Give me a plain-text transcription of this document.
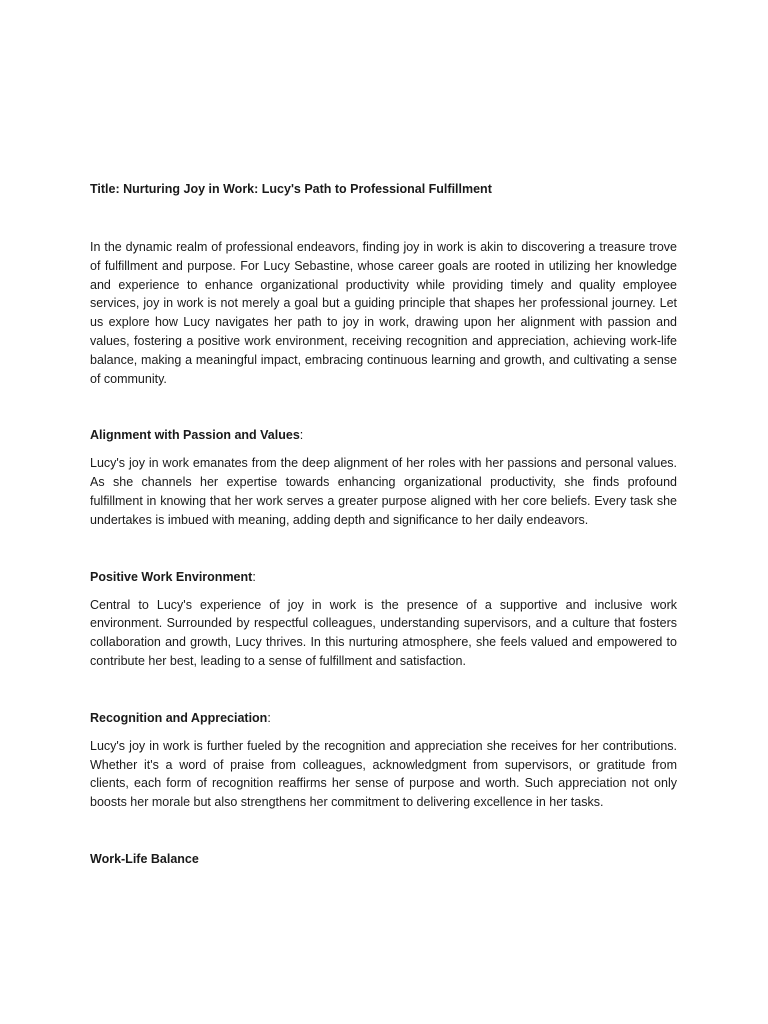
Title: Nurturing Joy in Work: Lucy's Path to Professional Fulfillment

In the dynamic realm of professional endeavors, finding joy in work is akin to discovering a treasure trove of fulfillment and purpose. For Lucy Sebastine, whose career goals are rooted in utilizing her knowledge and experience to enhance organizational productivity while providing timely and quality employee services, joy in work is not merely a goal but a guiding principle that shapes her professional journey. Let us explore how Lucy navigates her path to joy in work, drawing upon her alignment with passion and values, fostering a positive work environment, receiving recognition and appreciation, achieving work-life balance, making a meaningful impact, embracing continuous learning and growth, and cultivating a sense of community.

Alignment with Passion and Values:

Lucy's joy in work emanates from the deep alignment of her roles with her passions and personal values. As she channels her expertise towards enhancing organizational productivity, she finds profound fulfillment in knowing that her work serves a greater purpose aligned with her core beliefs. Every task she undertakes is imbued with meaning, adding depth and significance to her daily endeavors.

Positive Work Environment:

Central to Lucy's experience of joy in work is the presence of a supportive and inclusive work environment. Surrounded by respectful colleagues, understanding supervisors, and a culture that fosters collaboration and growth, Lucy thrives. In this nurturing atmosphere, she feels valued and empowered to contribute her best, leading to a sense of fulfillment and satisfaction.

Recognition and Appreciation:

Lucy's joy in work is further fueled by the recognition and appreciation she receives for her contributions. Whether it's a word of praise from colleagues, acknowledgment from supervisors, or gratitude from clients, each form of recognition reaffirms her sense of purpose and worth. Such appreciation not only boosts her morale but also strengthens her commitment to delivering excellence in her tasks.

Work-Life Balance
